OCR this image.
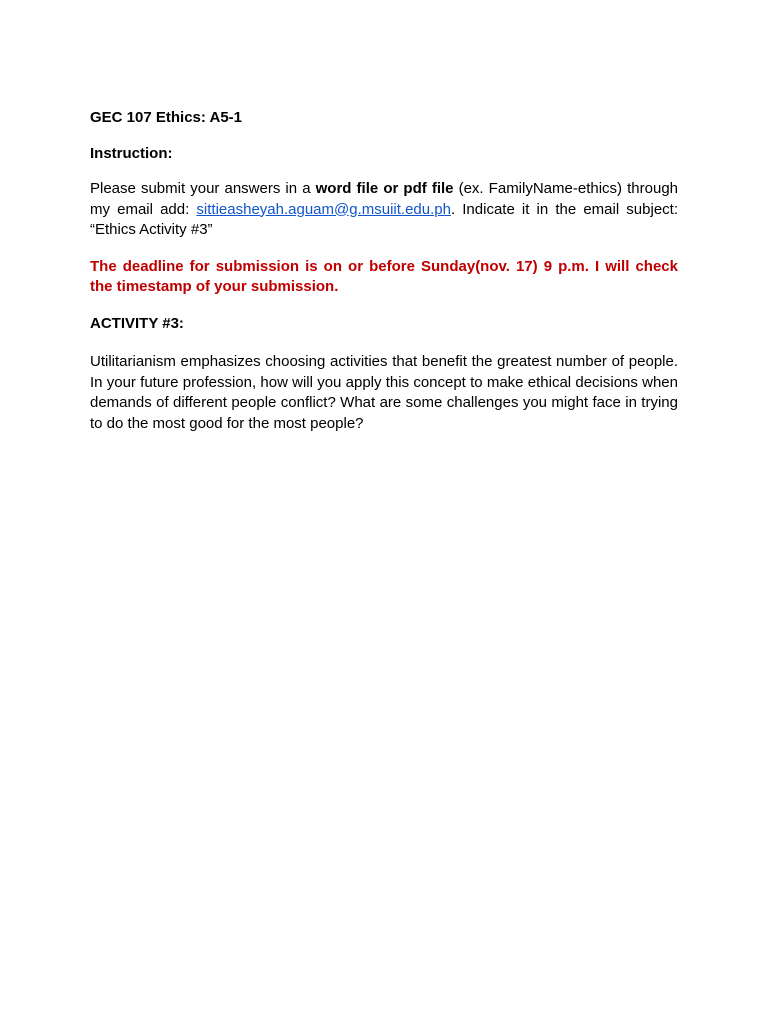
GEC 107 Ethics: A5-1

Instruction:

Please submit your answers in a word file or pdf file (ex. FamilyName-ethics) through my email add: sittieasheyah.aguam@g.msuiit.edu.ph. Indicate it in the email subject: “Ethics Activity #3”

The deadline for submission is on or before Sunday(nov. 17) 9 p.m. I will check the timestamp of your submission.

ACTIVITY #3:

Utilitarianism emphasizes choosing activities that benefit the greatest number of people. In your future profession, how will you apply this concept to make ethical decisions when demands of different people conflict? What are some challenges you might face in trying to do the most good for the most people?
